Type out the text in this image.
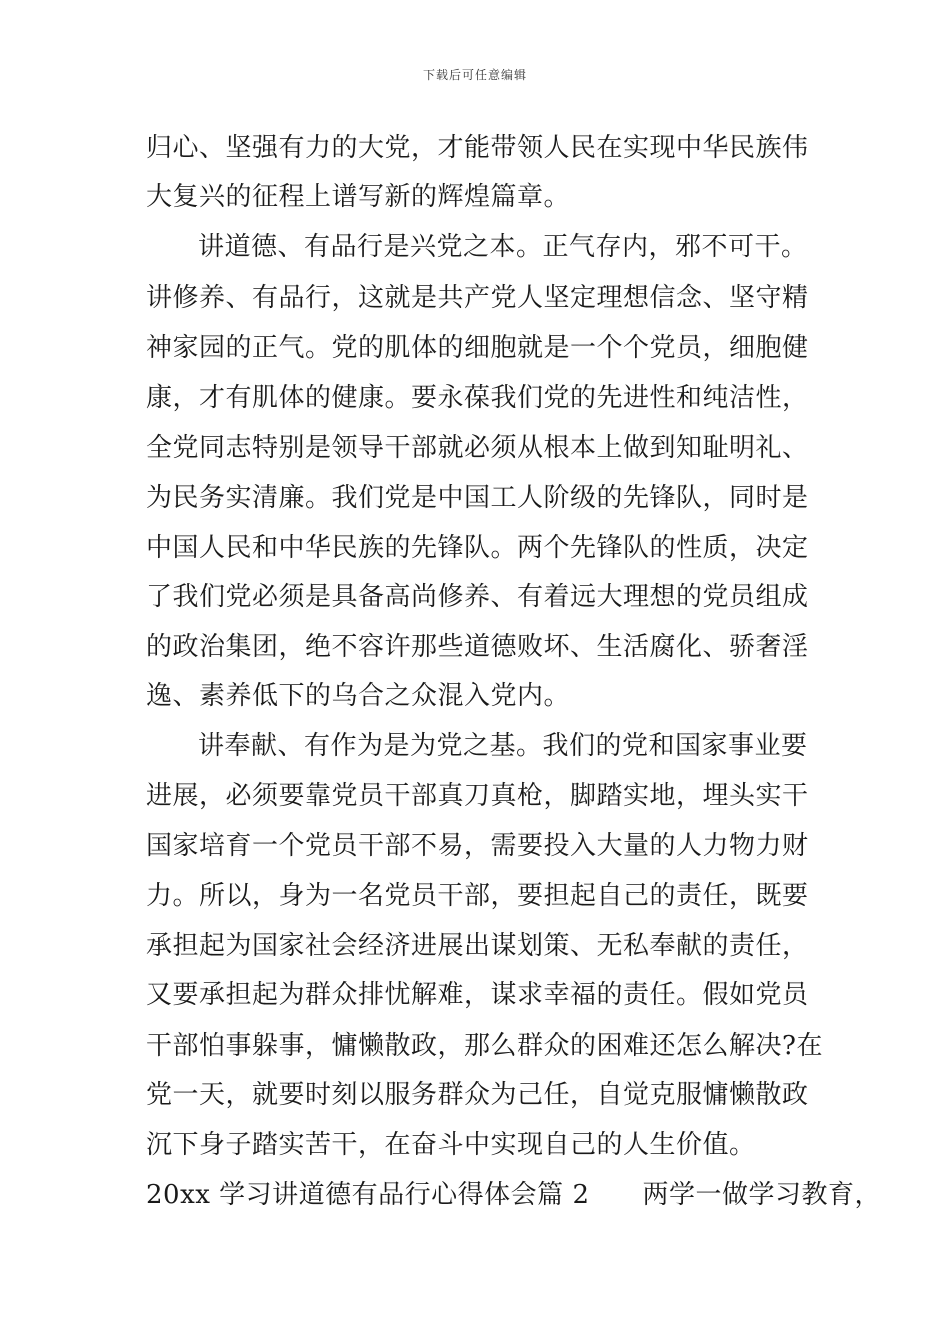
下载后可任意编辑
归心、坚强有力的大党，才能带领人民在实现中华民族伟
大复兴的征程上谱写新的辉煌篇章。
讲道德、有品行是兴党之本。正气存内，邪不可干。
讲修养、有品行，这就是共产党人坚定理想信念、坚守精
神家园的正气。党的肌体的细胞就是一个个党员，细胞健
康，才有肌体的健康。要永葆我们党的先进性和纯洁性，
全党同志特别是领导干部就必须从根本上做到知耻明礼、
为民务实清廉。我们党是中国工人阶级的先锋队，同时是
中国人民和中华民族的先锋队。两个先锋队的性质，决定
了我们党必须是具备高尚修养、有着远大理想的党员组成
的政治集团，绝不容许那些道德败坏、生活腐化、骄奢淫
逸、素养低下的乌合之众混入党内。
讲奉献、有作为是为党之基。我们的党和国家事业要
进展，必须要靠党员干部真刀真枪，脚踏实地，埋头实干
国家培育一个党员干部不易，需要投入大量的人力物力财
力。所以，身为一名党员干部，要担起自己的责任，既要
承担起为国家社会经济进展出谋划策、无私奉献的责任，
又要承担起为群众排忧解难，谋求幸福的责任。假如党员
干部怕事躲事，慵懒散政，那么群众的困难还怎么解决?在
党一天，就要时刻以服务群众为己任，自觉克服慵懒散政
沉下身子踏实苦干，在奋斗中实现自己的人生价值。
20xx 学习讲道德有品行心得体会篇 2　　两学一做学习教育，
